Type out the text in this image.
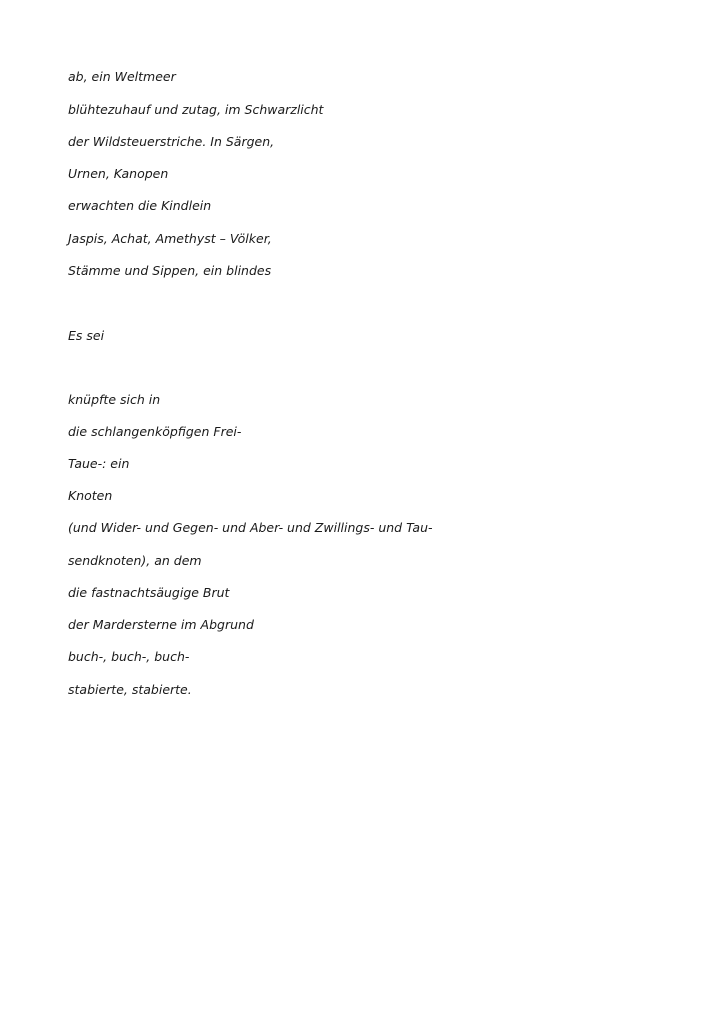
ab, ein Weltmeer

blühtezuhauf und zutag, im Schwarzlicht

der Wildsteuerstriche. In Särgen,

Urnen, Kanopen

erwachten die Kindlein

Jaspis, Achat, Amethyst – Völker,

Stämme und Sippen, ein blindes

Es sei

knüpfte sich in

die schlangenköpfigen Frei-

Taue-: ein

Knoten

(und Wider- und Gegen- und Aber- und Zwillings- und Tau-

sendknoten), an dem

die fastnachtsäugige Brut

der Mardersterne im Abgrund

buch-, buch-, buch-

stabierte, stabierte.
